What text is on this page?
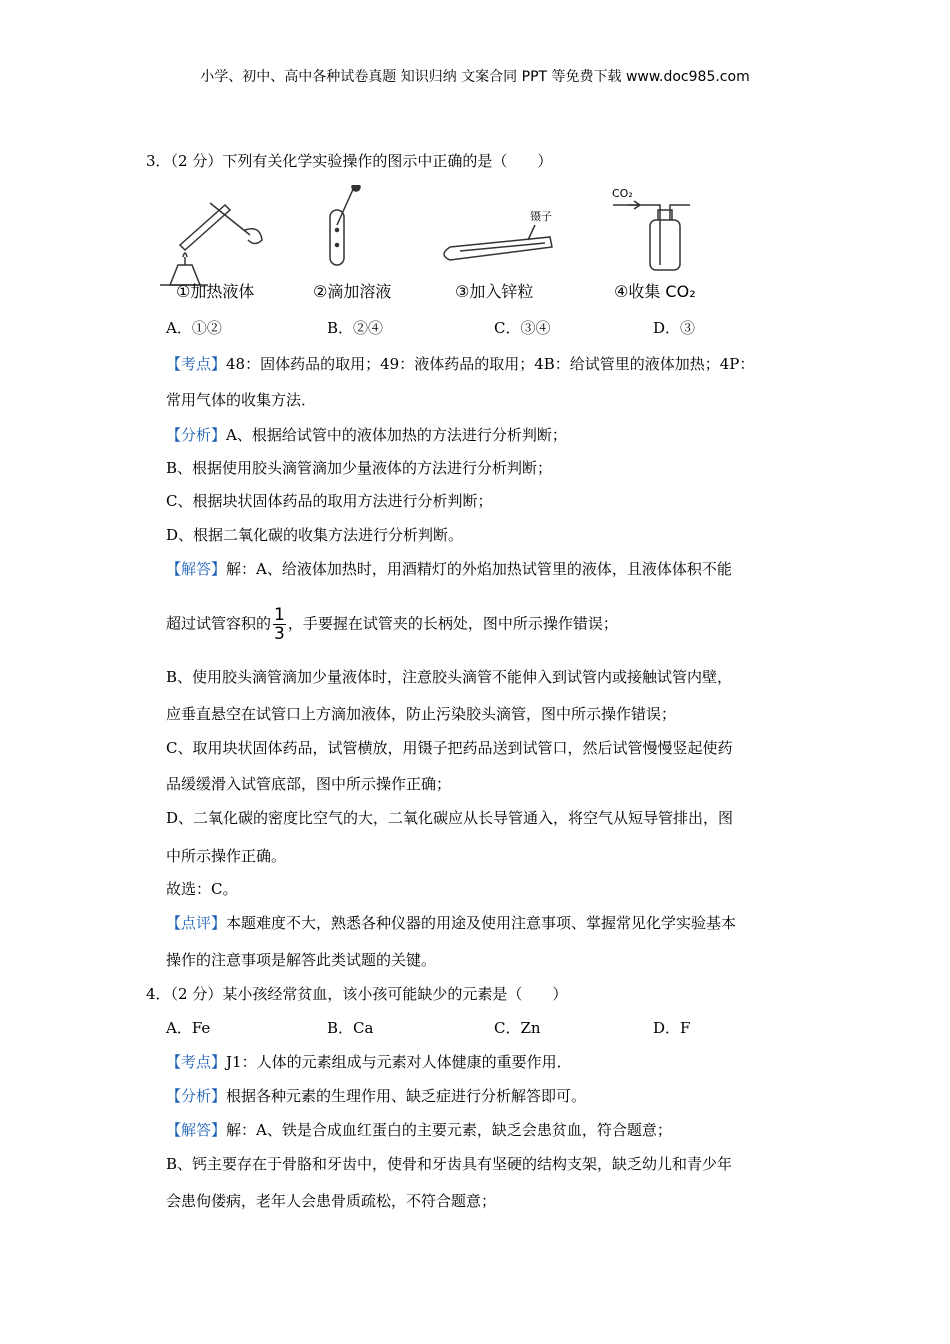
小学、初中、高中各种试卷真题 知识归纳 文案合同 PPT 等免费下载 www.doc985.com
3．（2 分）下列有关化学实验操作的图示中正确的是（　　）
镊子
CO₂
①加热液体	②滴加溶液	③加入锌粒	④收集 CO₂
A．①②	B．②④	C．③④	D．③
【考点】48：固体药品的取用；49：液体药品的取用；4B：给试管里的液体加热；4P：
常用气体的收集方法．
【分析】A、根据给试管中的液体加热的方法进行分析判断；
B、根据使用胶头滴管滴加少量液体的方法进行分析判断；
C、根据块状固体药品的取用方法进行分析判断；
D、根据二氧化碳的收集方法进行分析判断。
【解答】解：A、给液体加热时，用酒精灯的外焰加热试管里的液体，且液体体积不能
超过试管容积的 $\frac{1}{3}$ ，手要握在试管夹的长柄处，图中所示操作错误；
B、使用胶头滴管滴加少量液体时，注意胶头滴管不能伸入到试管内或接触试管内壁，
应垂直悬空在试管口上方滴加液体，防止污染胶头滴管，图中所示操作错误；
C、取用块状固体药品，试管横放，用镊子把药品送到试管口，然后试管慢慢竖起使药
品缓缓滑入试管底部，图中所示操作正确；
D、二氧化碳的密度比空气的大，二氧化碳应从长导管通入，将空气从短导管排出，图
中所示操作正确。
故选：C。
【点评】本题难度不大，熟悉各种仪器的用途及使用注意事项、掌握常见化学实验基本
操作的注意事项是解答此类试题的关键。
4．（2 分）某小孩经常贫血，该小孩可能缺少的元素是（　　）
A．Fe	B．Ca	C．Zn	D．F
【考点】J1：人体的元素组成与元素对人体健康的重要作用．
【分析】根据各种元素的生理作用、缺乏症进行分析解答即可。
【解答】解：A、铁是合成血红蛋白的主要元素，缺乏会患贫血，符合题意；
B、钙主要存在于骨胳和牙齿中，使骨和牙齿具有坚硬的结构支架，缺乏幼儿和青少年
会患佝偻病，老年人会患骨质疏松，不符合题意；
